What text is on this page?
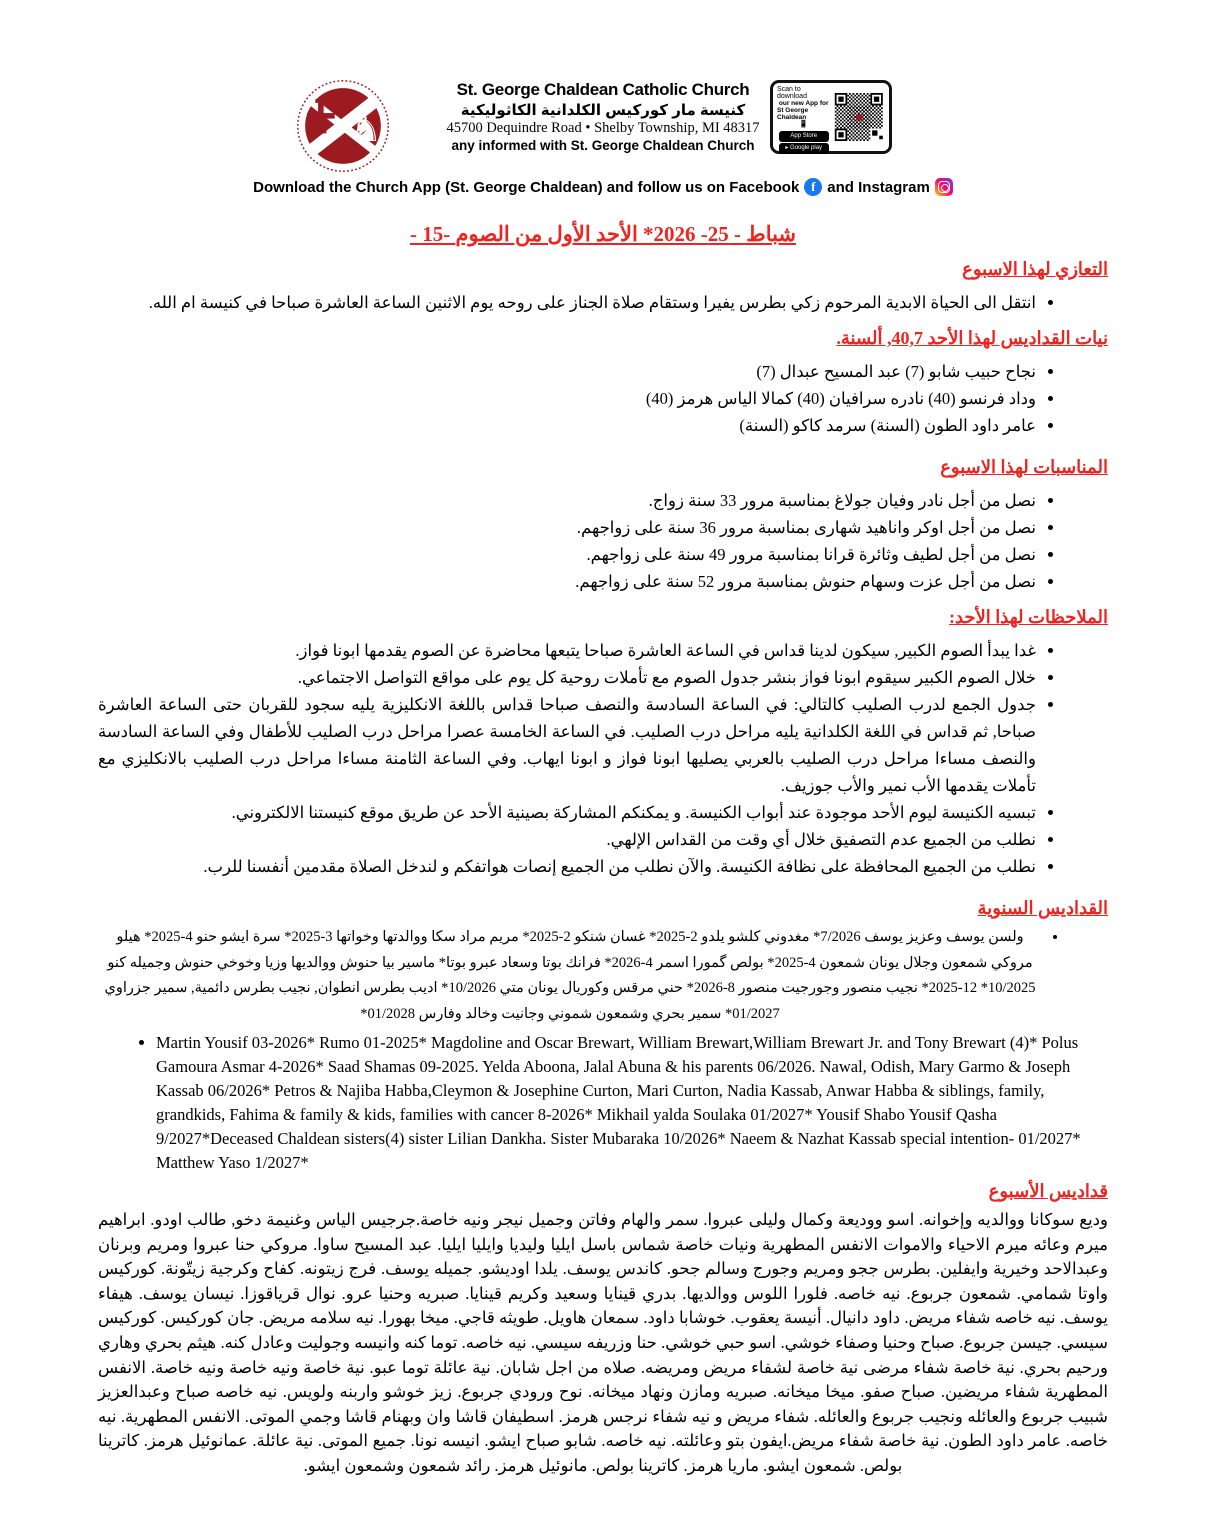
♞
St. George Chaldean Catholic Church
كنيسة مار كوركيس الكلدانية الكاثوليكية
45700 Dequindre Road • Shelby Township, MI 48317
any informed with St. George Chaldean Church
Scan to download
our new App for
St George Chaldean
📱
App Store
▸ Google play
Download the Church App (St. George Chaldean) and follow us on Facebook f and Instagram
- 15- شباط - 25- 2026* الأحد الأول من الصوم
التعازي لهذا الاسبوع
• انتقل الى الحياة الابدية المرحوم زكي بطرس يفيرا وستقام صلاة الجناز على روحه يوم الاثنين الساعة العاشرة صباحا في كنيسة ام الله.
نيات القداديس لهذا الأحد 40,7, ألسنة.
• نجاح حبيب شابو (7) عبد المسيح عبدال (7)
• وداد فرنسو (40) نادره سرافيان (40) كمالا الياس هرمز (40)
• عامر داود الطون (السنة) سرمد كاكو (السنة)
المناسبات لهذا الاسبوع
• نصل من أجل نادر وفيان جولاغ بمناسبة مرور 33 سنة زواج.
• نصل من أجل اوكر واناهيد شهارى بمناسبة مرور 36 سنة على زواجهم.
• نصل من أجل لطيف وثائرة قرانا بمناسبة مرور 49 سنة على زواجهم.
• نصل من أجل عزت وسهام حنوش بمناسبة مرور 52 سنة على زواجهم.
الملاحظات لهذا الأحد:
• غدا يبدأ الصوم الكبير, سيكون لدينا قداس في الساعة العاشرة صباحا يتبعها محاضرة عن الصوم يقدمها ابونا فواز.
• خلال الصوم الكبير سيقوم ابونا فواز بنشر جدول الصوم مع تأملات روحية كل يوم على مواقع التواصل الاجتماعي.
• جدول الجمع لدرب الصليب كالتالي: في الساعة السادسة والنصف صباحا قداس باللغة الانكليزية يليه سجود للقربان حتى الساعة العاشرة صباحا, ثم قداس في اللغة الكلدانية يليه مراحل درب الصليب. في الساعة الخامسة عصرا مراحل درب الصليب للأطفال وفي الساعة السادسة والنصف مساءا مراحل درب الصليب بالعربي يصليها ابونا فواز و ابونا ايهاب. وفي الساعة الثامنة مساءا مراحل درب الصليب بالانكليزي مع تأملات يقدمها الأب نمير والأب جوزيف.
• تبسيه الكنيسة ليوم الأحد موجودة عند أبواب الكنيسة. و يمكنكم المشاركة بصينية الأحد عن طريق موقع كنيستنا الالكتروني.
• نطلب من الجميع عدم التصفيق خلال أي وقت من القداس الإلهي.
• نطلب من الجميع المحافظة على نظافة الكنيسة. والآن نطلب من الجميع إنصات هواتفكم و لندخل الصلاة مقدمين أنفسنا للرب.
القداديس السنوية
• ولسن يوسف وعزيز يوسف 7/2026* مغدوني كلشو يلدو 2-2025* غسان شنكو 2-2025* مريم مراد سكا ووالدتها وخواتها 3-2025* سرة ايشو حنو 4-2025* هيلو مروكي شمعون وجلال يونان شمعون 4-2025* بولص گمورا اسمر 4-2026* فرانك بوتا وسعاد عبرو بوتا* ماسير بيا حنوش ووالديها وزيا وخوخي حنوش وجميله كنو 10/2025* 12-2025* نجيب منصور وجورجيت منصور 8-2026* حني مرقس وكوريال يونان متي 10/2026* اديب بطرس انطوان, نجيب بطرس دائمية, سمير جزراوي 01/2027* سمير بحري وشمعون شموني وجانيت وخالد وفارس 01/2028*
• Martin Yousif 03-2026* Rumo 01-2025* Magdoline and Oscar Brewart, William Brewart,William Brewart Jr. and Tony Brewart (4)* Polus Gamoura Asmar 4-2026* Saad Shamas 09-2025. Yelda Aboona, Jalal Abuna & his parents 06/2026. Nawal, Odish, Mary Garmo & Joseph Kassab 06/2026* Petros & Najiba Habba,Cleymon & Josephine Curton, Mari Curton, Nadia Kassab, Anwar Habba & siblings, family, grandkids, Fahima & family & kids, families with cancer 8-2026* Mikhail yalda Soulaka 01/2027* Yousif Shabo Yousif Qasha 9/2027*Deceased Chaldean sisters(4) sister Lilian Dankha. Sister Mubaraka 10/2026* Naeem & Nazhat Kassab special intention- 01/2027* Matthew Yaso 1/2027*
قداديس الأسبوع
وديع سوكانا ووالديه وإخوانه. اسو ووديعة وكمال وليلى عبروا. سمر والهام وفاتن وجميل نيجر ونيه خاصة.جرجيس الياس وغنيمة دخو, طالب اودو. ابراهيم ميرم وعائه ميرم الاحياء والاموات الانفس المطهرية ونيات خاصة شماس باسل ايليا وليديا وايليا ايليا. عبد المسيح ساوا. مروكي حنا عبروا ومريم وبرنان وعبدالاحد وخيرية وايفلين. بطرس ججو ومريم وجورج وسالم جحو. كاندس يوسف. يلدا اوديشو. جميله يوسف. فرج زيتونه. كفاح وكرجية زيتّونة. كوركيس واوتا شمامي. شمعون جربوع. نيه خاصه. فلورا اللوس ووالديها. بدري قينايا وسعيد وكريم قينايا. صبريه وحنيا عرو. نوال قرياقوزا. نيسان يوسف. هيفاء يوسف. نيه خاصه شفاء مريض. داود دانيال. أنيسة يعقوب. خوشابا داود. سمعان هاويل. طويثه قاجي. ميخا بهورا. نيه سلامه مريض. جان كوركيس. كوركيس سيسي. جيسن جربوع. صباح وحنيا وصفاء خوشي. اسو حبي خوشي. حنا وزريفه سيسي. نيه خاصه. توما كنه وانيسه وجوليت وعادل كنه. هيثم بحري وهاري ورحيم بحري. نية خاصة شفاء مرضى نية خاصة لشفاء مريض ومريضه. صلاه من اجل شابان. نية عائلة توما عبو. نية خاصة ونيه خاصة ونيه خاصة. الانفس المطهرية شفاء مريضين. صباح صفو. ميخا ميخانه. صبريه ومازن ونهاد ميخانه. نوح ورودي جربوع. زيز خوشو واربنه ولويس. نيه خاصه صباح وعبدالعزيز شبيب جربوع والعائله ونجيب جربوع والعائله. شفاء مريض و نيه شفاء نرجس هرمز. اسطيفان قاشا وان وبهنام قاشا وجمي الموتى. الانفس المطهرية. نيه خاصه. عامر داود الطون. نية خاصة شفاء مريض.ايفون بتو وعائلته. نيه خاصه. شابو صباح ايشو. انيسه نونا. جميع الموتى. نية عائلة. عمانوئيل هرمز. كاترينا بولص. شمعون ايشو. ماريا هرمز. كاترينا بولص. مانوئيل هرمز. رائد شمعون وشمعون ايشو.
